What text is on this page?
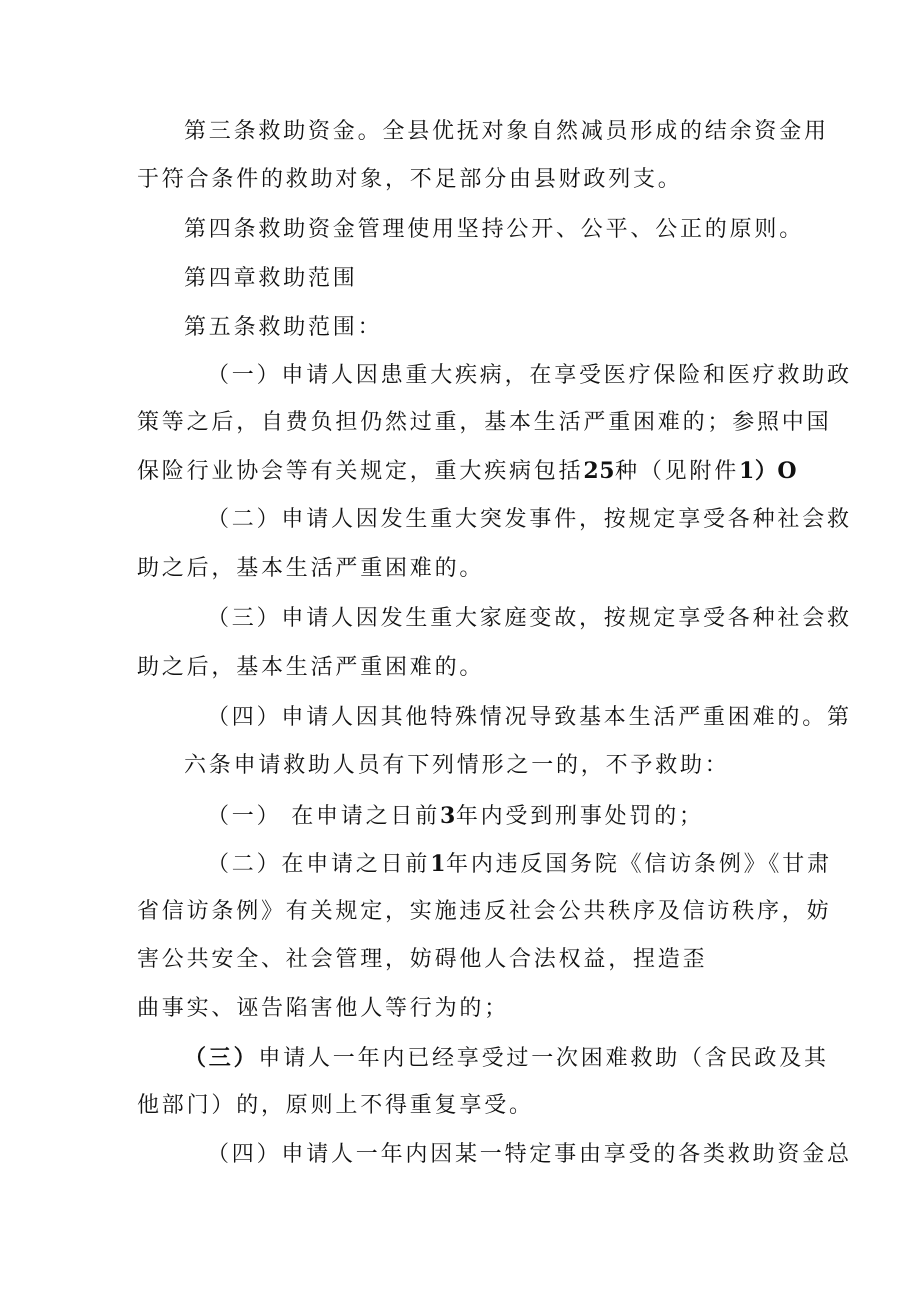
第三条救助资金。全县优抚对象自然减员形成的结余资金用

于符合条件的救助对象，不足部分由县财政列支。

第四条救助资金管理使用坚持公开、公平、公正的原则。

第四章救助范围

第五条救助范围：

（一）申请人因患重大疾病，在享受医疗保险和医疗救助政

策等之后，自费负担仍然过重，基本生活严重困难的；参照中国

保险行业协会等有关规定，重大疾病包括25种（见附件1）O

（二）申请人因发生重大突发事件，按规定享受各种社会救

助之后，基本生活严重困难的。

（三）申请人因发生重大家庭变故，按规定享受各种社会救

助之后，基本生活严重困难的。

（四）申请人因其他特殊情况导致基本生活严重困难的。第

六条申请救助人员有下列情形之一的，不予救助：

（一） 在申请之日前3年内受到刑事处罚的；

（二）在申请之日前1年内违反国务院《信访条例》《甘肃

省信访条例》有关规定，实施违反社会公共秩序及信访秩序，妨

害公共安全、社会管理，妨碍他人合法权益，捏造歪

曲事实、诬告陷害他人等行为的；

（三）申请人一年内已经享受过一次困难救助（含民政及其

他部门）的，原则上不得重复享受。

（四）申请人一年内因某一特定事由享受的各类救助资金总
